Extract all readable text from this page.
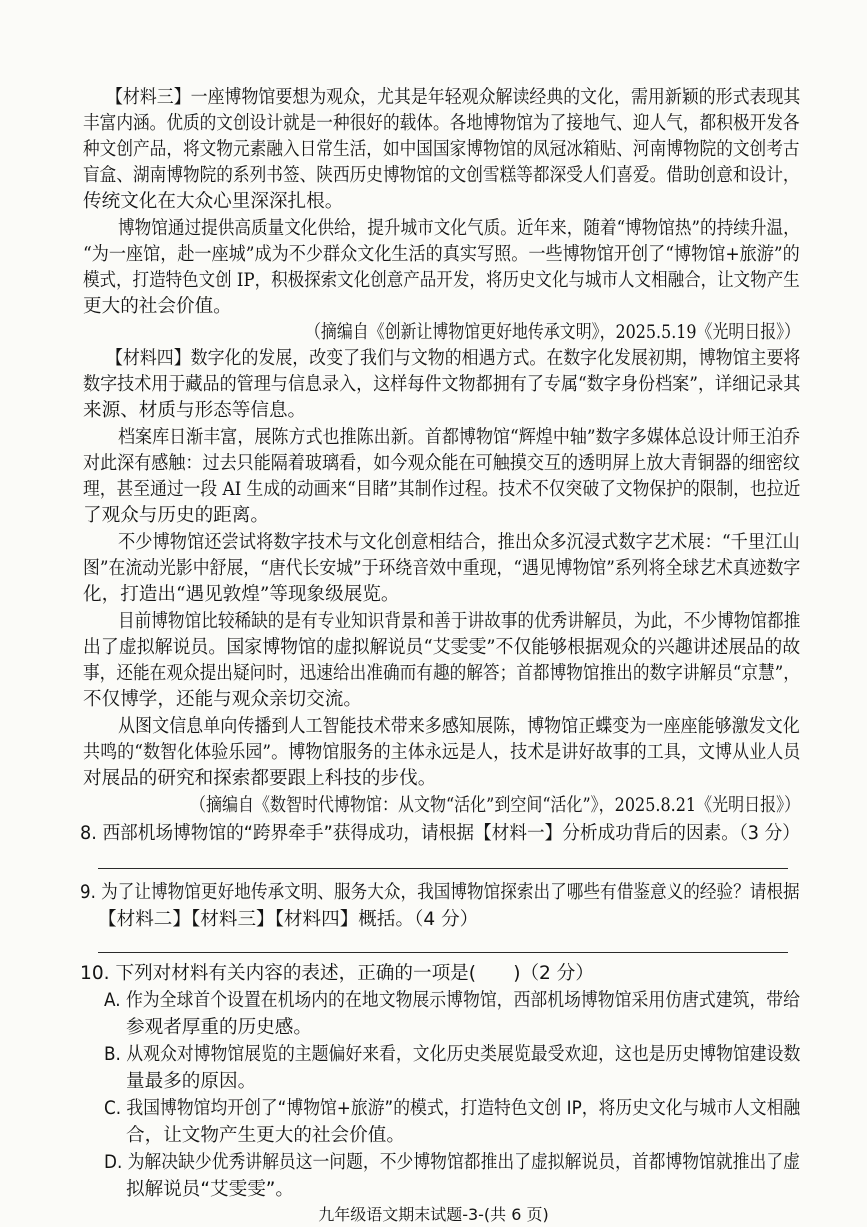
【材料三】一座博物馆要想为观众，尤其是年轻观众解读经典的文化，需用新颖的形式表现其
丰富内涵。优质的文创设计就是一种很好的载体。各地博物馆为了接地气、迎人气，都积极开发各
种文创产品，将文物元素融入日常生活，如中国国家博物馆的凤冠冰箱贴、河南博物院的文创考古
盲盒、湖南博物院的系列书签、陕西历史博物馆的文创雪糕等都深受人们喜爱。借助创意和设计，
传统文化在大众心里深深扎根。
博物馆通过提供高质量文化供给，提升城市文化气质。近年来，随着“博物馆热”的持续升温，
“为一座馆，赴一座城”成为不少群众文化生活的真实写照。一些博物馆开创了“博物馆+旅游”的
模式，打造特色文创 IP，积极探索文化创意产品开发，将历史文化与城市人文相融合，让文物产生
更大的社会价值。
（摘编自《创新让博物馆更好地传承文明》，2025.5.19《光明日报》）
【材料四】数字化的发展，改变了我们与文物的相遇方式。在数字化发展初期，博物馆主要将
数字技术用于藏品的管理与信息录入，这样每件文物都拥有了专属“数字身份档案”，详细记录其
来源、材质与形态等信息。
档案库日渐丰富，展陈方式也推陈出新。首都博物馆“辉煌中轴”数字多媒体总设计师王泊乔
对此深有感触：过去只能隔着玻璃看，如今观众能在可触摸交互的透明屏上放大青铜器的细密纹
理，甚至通过一段 AI 生成的动画来“目睹”其制作过程。技术不仅突破了文物保护的限制，也拉近
了观众与历史的距离。
不少博物馆还尝试将数字技术与文化创意相结合，推出众多沉浸式数字艺术展：“千里江山
图”在流动光影中舒展，“唐代长安城”于环绕音效中重现，“遇见博物馆”系列将全球艺术真迹数字
化，打造出“遇见敦煌”等现象级展览。
目前博物馆比较稀缺的是有专业知识背景和善于讲故事的优秀讲解员，为此，不少博物馆都推
出了虚拟解说员。国家博物馆的虚拟解说员“艾雯雯”不仅能够根据观众的兴趣讲述展品的故
事，还能在观众提出疑问时，迅速给出准确而有趣的解答；首都博物馆推出的数字讲解员“京慧”，
不仅博学，还能与观众亲切交流。
从图文信息单向传播到人工智能技术带来多感知展陈，博物馆正蝶变为一座座能够激发文化
共鸣的“数智化体验乐园”。博物馆服务的主体永远是人，技术是讲好故事的工具，文博从业人员
对展品的研究和探索都要跟上科技的步伐。
（摘编自《数智时代博物馆：从文物“活化”到空间“活化”》，2025.8.21《光明日报》）
8. 西部机场博物馆的“跨界牵手”获得成功，请根据【材料一】分析成功背后的因素。（3 分）
9. 为了让博物馆更好地传承文明、服务大众，我国博物馆探索出了哪些有借鉴意义的经验？请根据
【材料二】【材料三】【材料四】概括。（4 分）
10. 下列对材料有关内容的表述，正确的一项是(　　)（2 分）
A. 作为全球首个设置在机场内的在地文物展示博物馆，西部机场博物馆采用仿唐式建筑，带给
参观者厚重的历史感。
B. 从观众对博物馆展览的主题偏好来看，文化历史类展览最受欢迎，这也是历史博物馆建设数
量最多的原因。
C. 我国博物馆均开创了“博物馆+旅游”的模式，打造特色文创 IP，将历史文化与城市人文相融
合，让文物产生更大的社会价值。
D. 为解决缺少优秀讲解员这一问题，不少博物馆都推出了虚拟解说员，首都博物馆就推出了虚
拟解说员“艾雯雯”。
九年级语文期末试题-3-(共 6 页)
